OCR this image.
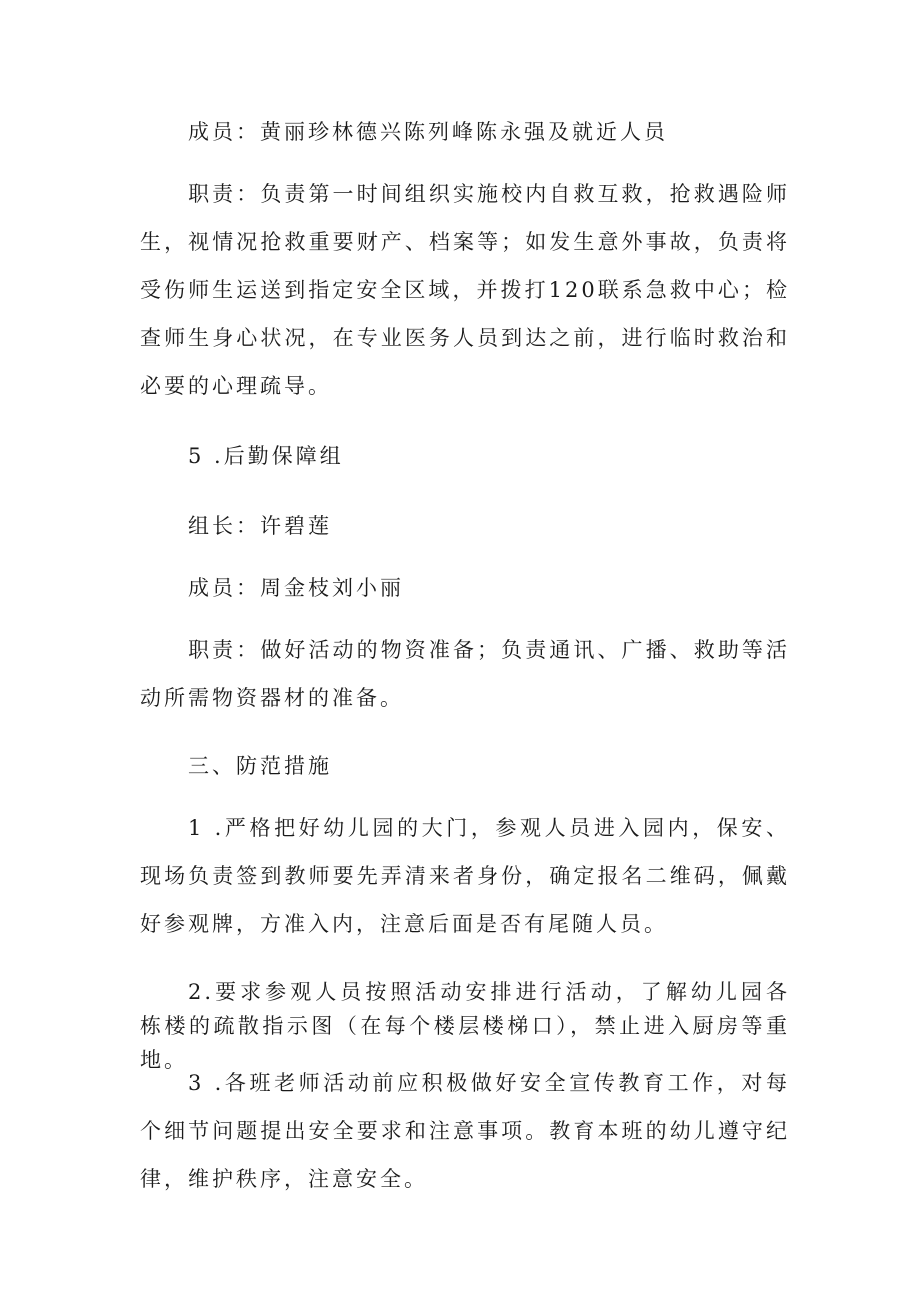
成员：黄丽珍林德兴陈列峰陈永强及就近人员

职责：负责第一时间组织实施校内自救互救，抢救遇险师生，视情况抢救重要财产、档案等；如发生意外事故，负责将受伤师生运送到指定安全区域，并拨打120联系急救中心；检查师生身心状况，在专业医务人员到达之前，进行临时救治和必要的心理疏导。

5 .后勤保障组

组长：许碧莲

成员：周金枝刘小丽

职责：做好活动的物资准备；负责通讯、广播、救助等活动所需物资器材的准备。

三、防范措施

1 .严格把好幼儿园的大门，参观人员进入园内，保安、现场负责签到教师要先弄清来者身份，确定报名二维码，佩戴好参观牌，方准入内，注意后面是否有尾随人员。

2.要求参观人员按照活动安排进行活动，了解幼儿园各栋楼的疏散指示图（在每个楼层楼梯口），禁止进入厨房等重地。

3 .各班老师活动前应积极做好安全宣传教育工作，对每个细节问题提出安全要求和注意事项。教育本班的幼儿遵守纪律，维护秩序，注意安全。
